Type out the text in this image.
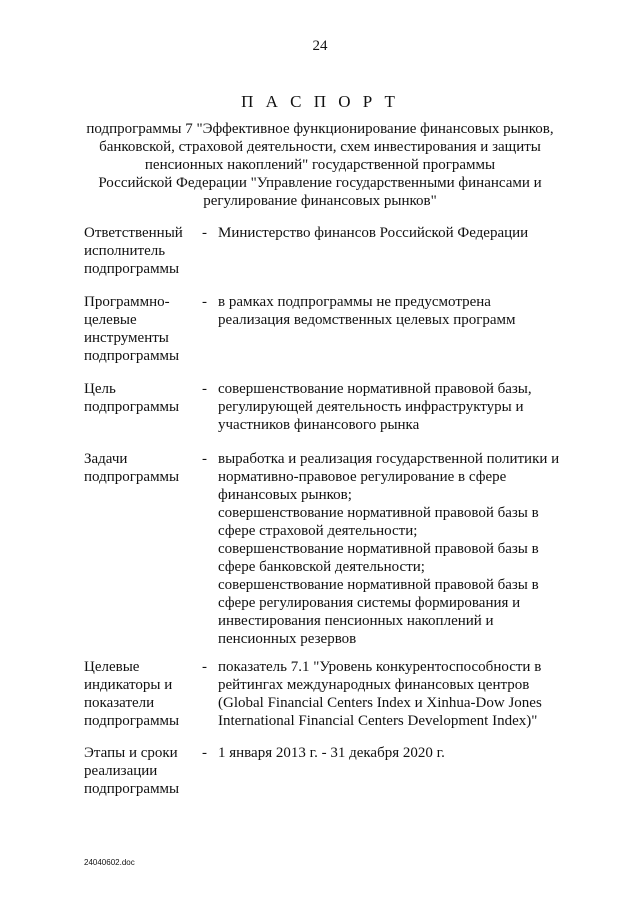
24
П А С П О Р Т
подпрограммы 7 "Эффективное функционирование финансовых рынков,
банковской, страховой деятельности, схем инвестирования и защиты
пенсионных накоплений" государственной программы
Российской Федерации "Управление государственными финансами и
регулирование финансовых рынков"
Ответственный
исполнитель
подпрограммы
- Министерство финансов Российской Федерации
Программно-
целевые
инструменты
подпрограммы
- в рамках подпрограммы не предусмотрена
реализация ведомственных целевых программ
Цель
подпрограммы
- совершенствование нормативной правовой базы,
регулирующей деятельность инфраструктуры и
участников финансового рынка
Задачи
подпрограммы
- выработка и реализация государственной политики и
нормативно-правовое регулирование в сфере
финансовых рынков;
совершенствование нормативной правовой базы в
сфере страховой деятельности;
совершенствование нормативной правовой базы в
сфере банковской деятельности;
совершенствование нормативной правовой базы в
сфере регулирования системы формирования и
инвестирования пенсионных накоплений и
пенсионных резервов
Целевые
индикаторы и
показатели
подпрограммы
- показатель 7.1 "Уровень конкурентоспособности в
рейтингах международных финансовых центров
(Global Financial Centers Index и Xinhua-Dow Jones
International Financial Centers Development Index)"
Этапы и сроки
реализации
подпрограммы
- 1 января 2013 г. - 31 декабря 2020 г.
24040602.doc
